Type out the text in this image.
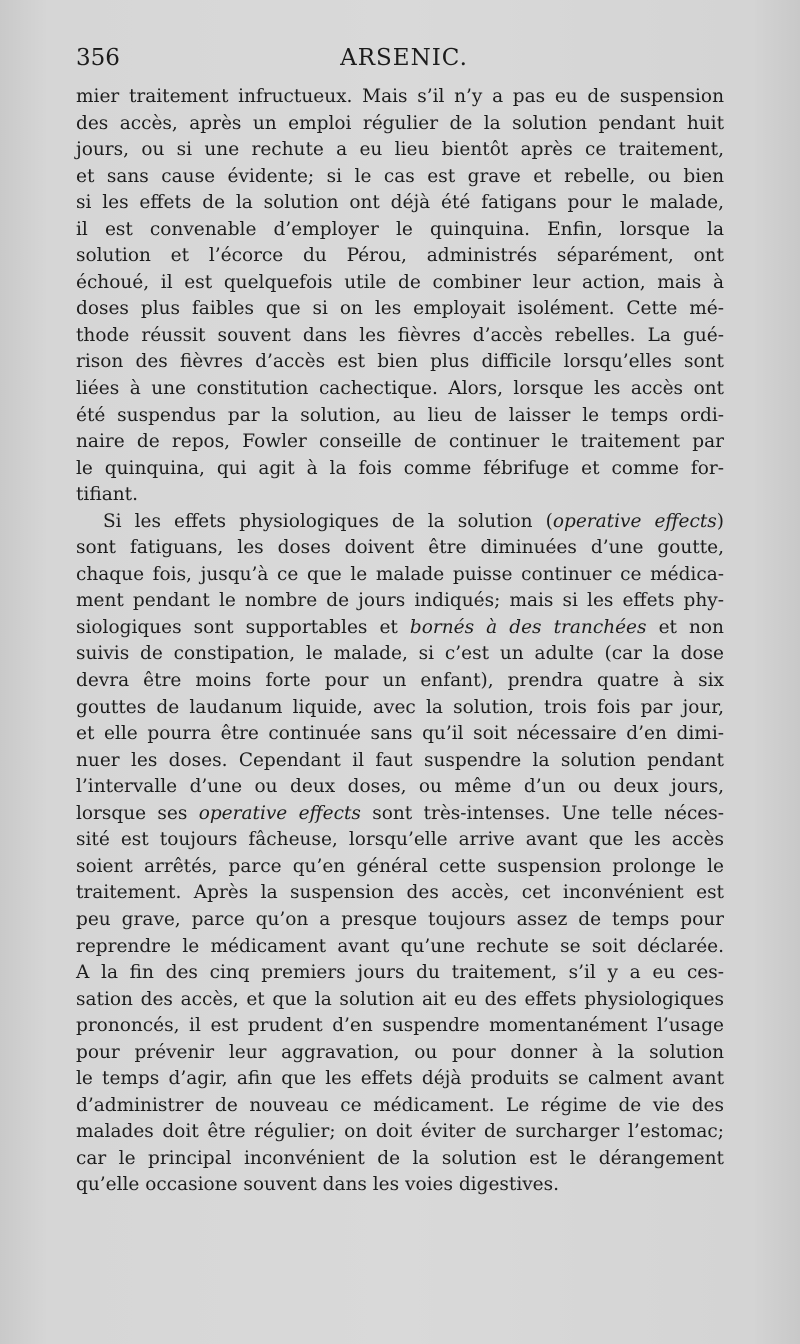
356	ARSENIC.
mier traitement infructueux. Mais s’il n’y a pas eu de suspension
des accès, après un emploi régulier de la solution pendant huit
jours, ou si une rechute a eu lieu bientôt après ce traitement,
et sans cause évidente; si le cas est grave et rebelle, ou bien
si les effets de la solution ont déjà été fatigans pour le malade,
il est convenable d’employer le quinquina. Enfin, lorsque la
solution et l’écorce du Pérou, administrés séparément, ont
échoué, il est quelquefois utile de combiner leur action, mais à
doses plus faibles que si on les employait isolément. Cette mé-
thode réussit souvent dans les fièvres d’accès rebelles. La gué-
rison des fièvres d’accès est bien plus difficile lorsqu’elles sont
liées à une constitution cachectique. Alors, lorsque les accès ont
été suspendus par la solution, au lieu de laisser le temps ordi-
naire de repos, Fowler conseille de continuer le traitement par
le quinquina, qui agit à la fois comme fébrifuge et comme for-
tifiant.
Si les effets physiologiques de la solution (operative effects)
sont fatiguans, les doses doivent être diminuées d’une goutte,
chaque fois, jusqu’à ce que le malade puisse continuer ce médica-
ment pendant le nombre de jours indiqués; mais si les effets phy-
siologiques sont supportables et bornés à des tranchées et non
suivis de constipation, le malade, si c’est un adulte (car la dose
devra être moins forte pour un enfant), prendra quatre à six
gouttes de laudanum liquide, avec la solution, trois fois par jour,
et elle pourra être continuée sans qu’il soit nécessaire d’en dimi-
nuer les doses. Cependant il faut suspendre la solution pendant
l’intervalle d’une ou deux doses, ou même d’un ou deux jours,
lorsque ses operative effects sont très-intenses. Une telle néces-
sité est toujours fâcheuse, lorsqu’elle arrive avant que les accès
soient arrêtés, parce qu’en général cette suspension prolonge le
traitement. Après la suspension des accès, cet inconvénient est
peu grave, parce qu’on a presque toujours assez de temps pour
reprendre le médicament avant qu’une rechute se soit déclarée.
A la fin des cinq premiers jours du traitement, s’il y a eu ces-
sation des accès, et que la solution ait eu des effets physiologiques
prononcés, il est prudent d’en suspendre momentanément l’usage
pour prévenir leur aggravation, ou pour donner à la solution
le temps d’agir, afin que les effets déjà produits se calment avant
d’administrer de nouveau ce médicament. Le régime de vie des
malades doit être régulier; on doit éviter de surcharger l’estomac;
car le principal inconvénient de la solution est le dérangement
qu’elle occasione souvent dans les voies digestives.
